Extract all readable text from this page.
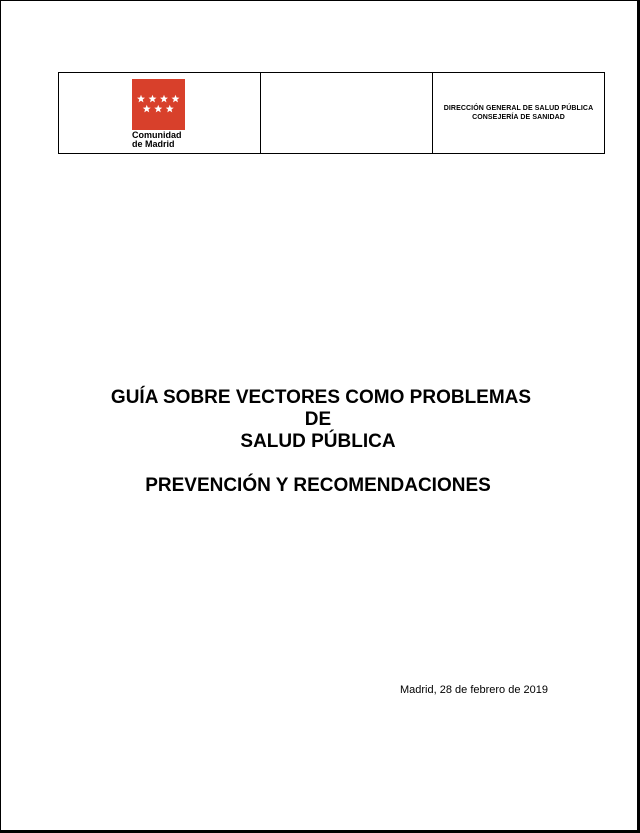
Comunidad
de Madrid
DIRECCIÓN GENERAL DE SALUD PÚBLICA
CONSEJERÍA DE SANIDAD
GUÍA SOBRE VECTORES COMO PROBLEMAS
DE
SALUD PÚBLICA
PREVENCIÓN Y RECOMENDACIONES
Madrid, 28 de febrero de 2019
